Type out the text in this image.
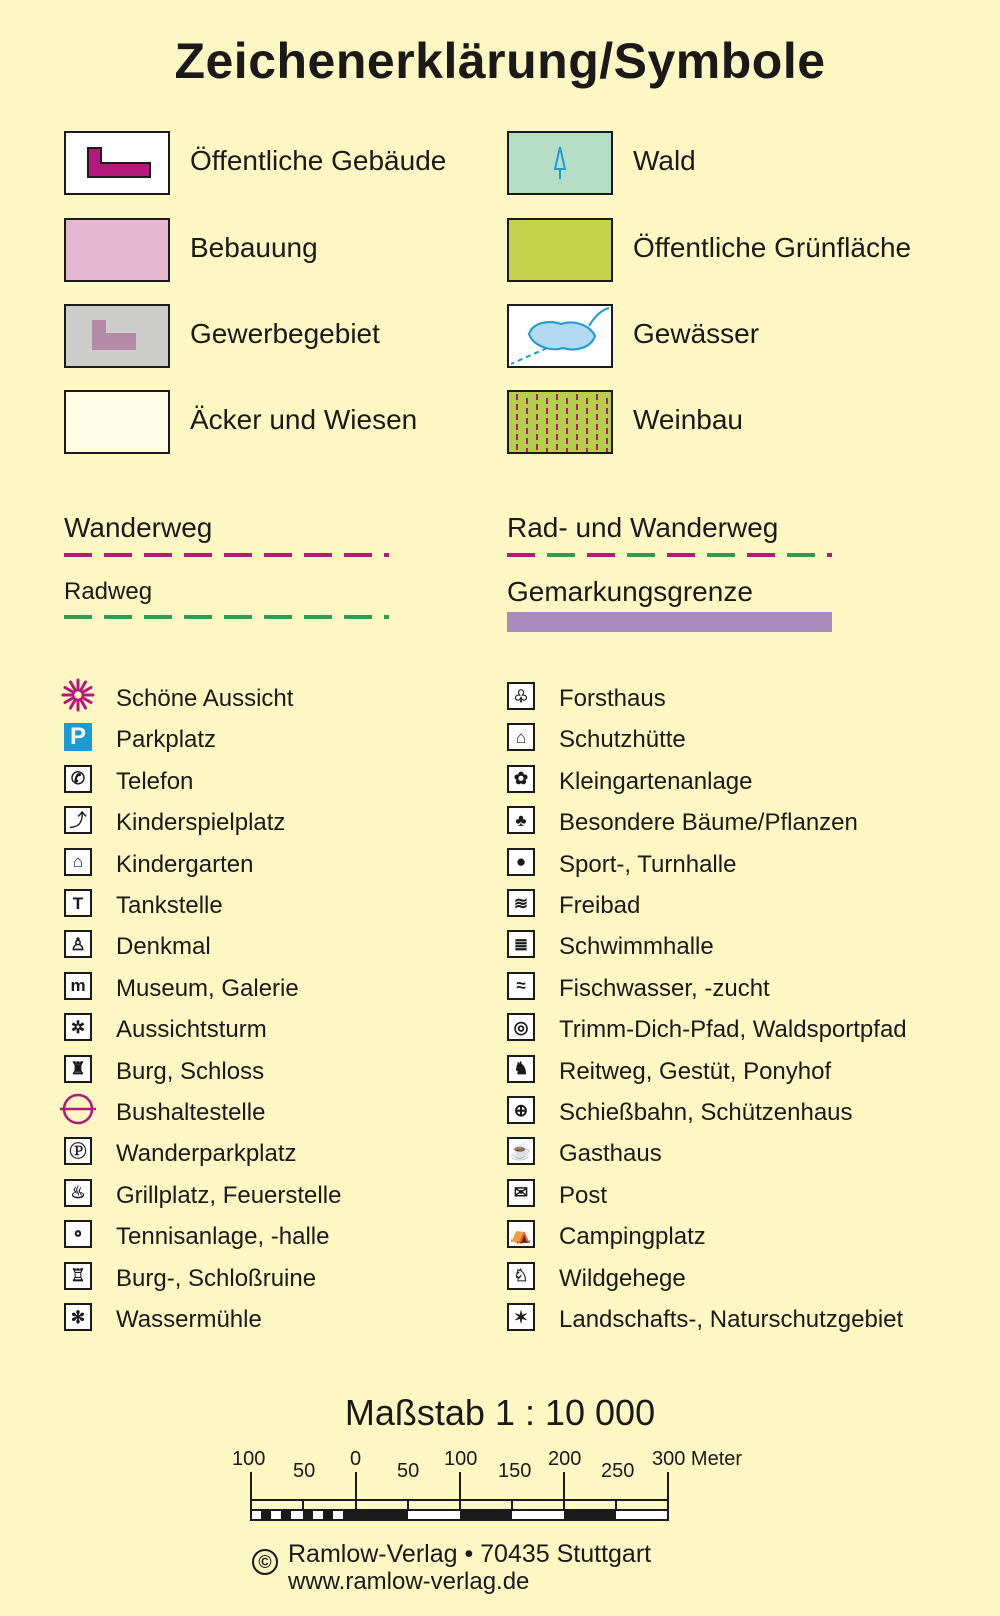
Zeichenerklärung/Symbole
Öffentliche Gebäude
Bebauung
Gewerbegebiet
Äcker und Wiesen
Wald
Öffentliche Grünfläche
Gewässer
Weinbau
Wanderweg
Radweg
Rad- und Wanderweg
Gemarkungsgrenze
Schöne Aussicht
P Parkplatz
✆ Telefon
⤴ Kinderspielplatz
⌂	Kindergarten
T	Tankstelle
♙ Denkmal
m Museum, Galerie
✲ Aussichtsturm
♜ Burg, Schloss
Bushaltestelle
Ⓟ Wanderparkplatz
♨ Grillplatz, Feuerstelle
⚬ Tennisanlage, -halle
♖ Burg-, Schloßruine
✻ Wassermühle
♧ Forsthaus
⌂	Schutzhütte
✿ Kleingartenanlage
♣	Besondere Bäume/Pflanzen
●	Sport-, Turnhalle
≋ Freibad
≣ Schwimmhalle
≈	Fischwasser, -zucht
◎ Trimm-Dich-Pfad, Waldsportpfad
♞ Reitweg, Gestüt, Ponyhof
⊕ Schießbahn, Schützenhaus
☕ Gasthaus
✉ Post
⛺ Campingplatz
♘ Wildgehege
✶ Landschafts-, Naturschutzgebiet
Maßstab 1 : 10 000
100
50
0
50
100
150
200
250
300 Meter
© Ramlow-Verlag • 70435 Stuttgart
www.ramlow-verlag.de
